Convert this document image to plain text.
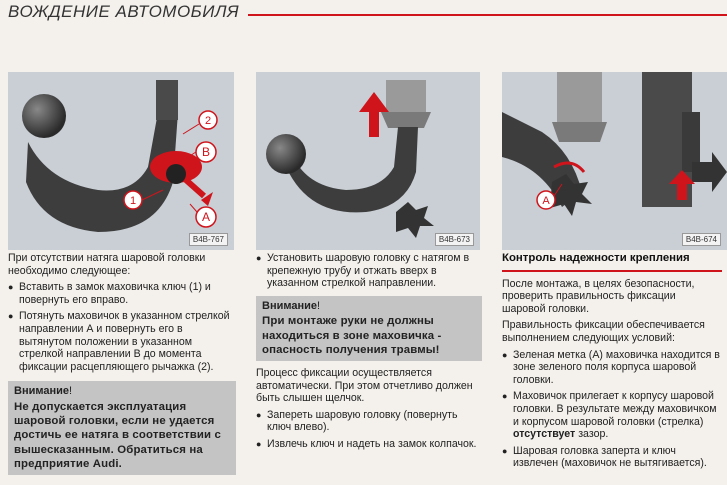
ВОЖДЕНИЕ АВТОМОБИЛЯ
2
B
1
A
B4B-767	B4B-673
A
B4B-674

При отсутствии натяга шаровой головки необходимо следующее:

● Вставить в замок маховичка ключ (1) и повернуть его вправо.
● Потянуть маховичок в указанном стрелкой направлении А и повернуть его в вытянутом положении в указанном стрелкой направлении В до момента фиксации расцепляющего рычажка (2).
Внимание!
Не допускается эксплуатация шаровой головки, если не удается достичь ее натяга в соответствии с вышесказанным. Обратиться на предприятие Audi.
● Установить шаровую головку с натягом в крепежную трубу и отжать вверх в указанном стрелкой направлении.
Внимание!
При монтаже руки не должны находиться в зоне маховичка - опасность получения травмы!

Процесс фиксации осуществляется автоматически. При этом отчетливо должен быть слышен щелчок.

● Запереть шаровую головку (повернуть ключ влево).
● Извлечь ключ и надеть на замок колпачок.
Контроль надежности крепления

После монтажа, в целях безопасности, проверить правильность фиксации шаровой головки.

Правильность фиксации обеспечивается выполнением следующих условий:

● Зеленая метка (А) маховичка находится в зоне зеленого поля корпуса шаровой головки.
● Маховичок прилегает к корпусу шаровой головки. В результате между маховичком и корпусом шаровой головки (стрелка) отсутствует зазор.
● Шаровая головка заперта и ключ извлечен (маховичок не вытягивается).
